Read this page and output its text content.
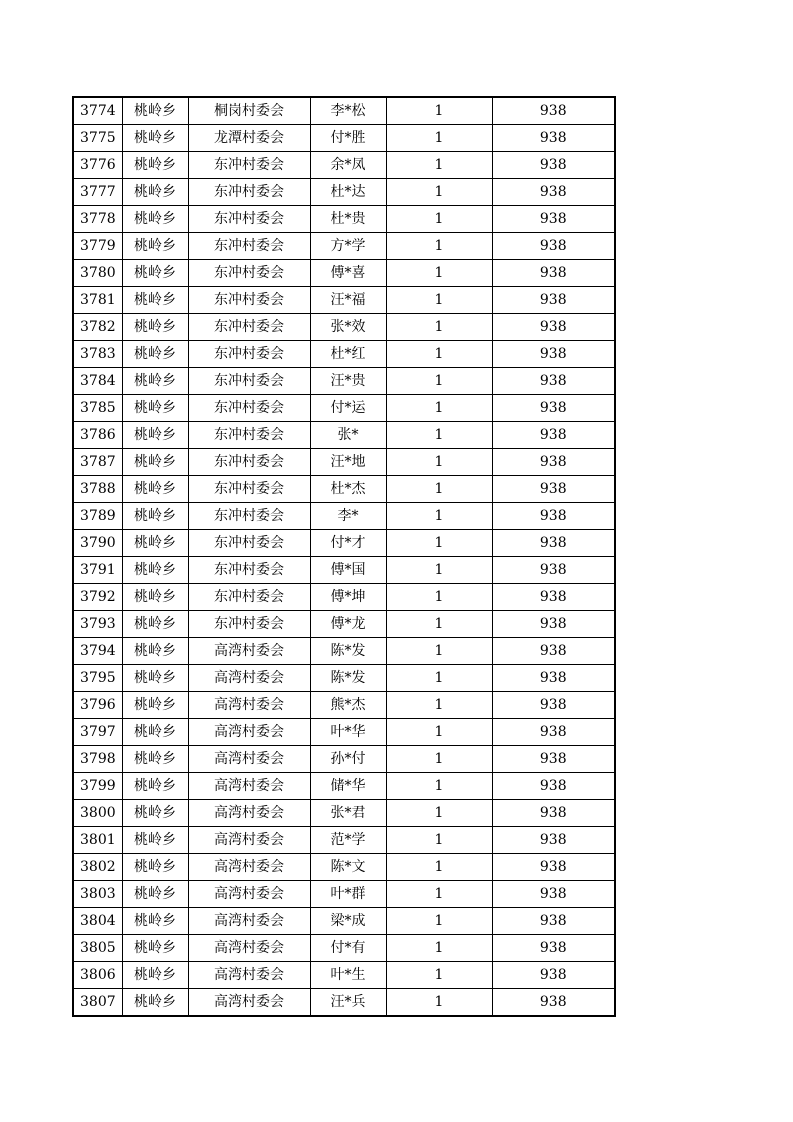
3774	桃岭乡	桐岗村委会	李*松	1	938
3775	桃岭乡	龙潭村委会	付*胜	1	938
3776	桃岭乡	东冲村委会	余*凤	1	938
3777	桃岭乡	东冲村委会	杜*达	1	938
3778	桃岭乡	东冲村委会	杜*贵	1	938
3779	桃岭乡	东冲村委会	方*学	1	938
3780	桃岭乡	东冲村委会	傅*喜	1	938
3781	桃岭乡	东冲村委会	汪*福	1	938
3782	桃岭乡	东冲村委会	张*效	1	938
3783	桃岭乡	东冲村委会	杜*红	1	938
3784	桃岭乡	东冲村委会	汪*贵	1	938
3785	桃岭乡	东冲村委会	付*运	1	938
3786	桃岭乡	东冲村委会	张*	1	938
3787	桃岭乡	东冲村委会	汪*地	1	938
3788	桃岭乡	东冲村委会	杜*杰	1	938
3789	桃岭乡	东冲村委会	李*	1	938
3790	桃岭乡	东冲村委会	付*才	1	938
3791	桃岭乡	东冲村委会	傅*国	1	938
3792	桃岭乡	东冲村委会	傅*坤	1	938
3793	桃岭乡	东冲村委会	傅*龙	1	938
3794	桃岭乡	高湾村委会	陈*发	1	938
3795	桃岭乡	高湾村委会	陈*发	1	938
3796	桃岭乡	高湾村委会	熊*杰	1	938
3797	桃岭乡	高湾村委会	叶*华	1	938
3798	桃岭乡	高湾村委会	孙*付	1	938
3799	桃岭乡	高湾村委会	储*华	1	938
3800	桃岭乡	高湾村委会	张*君	1	938
3801	桃岭乡	高湾村委会	范*学	1	938
3802	桃岭乡	高湾村委会	陈*文	1	938
3803	桃岭乡	高湾村委会	叶*群	1	938
3804	桃岭乡	高湾村委会	梁*成	1	938
3805	桃岭乡	高湾村委会	付*有	1	938
3806	桃岭乡	高湾村委会	叶*生	1	938
3807	桃岭乡	高湾村委会	汪*兵	1	938
